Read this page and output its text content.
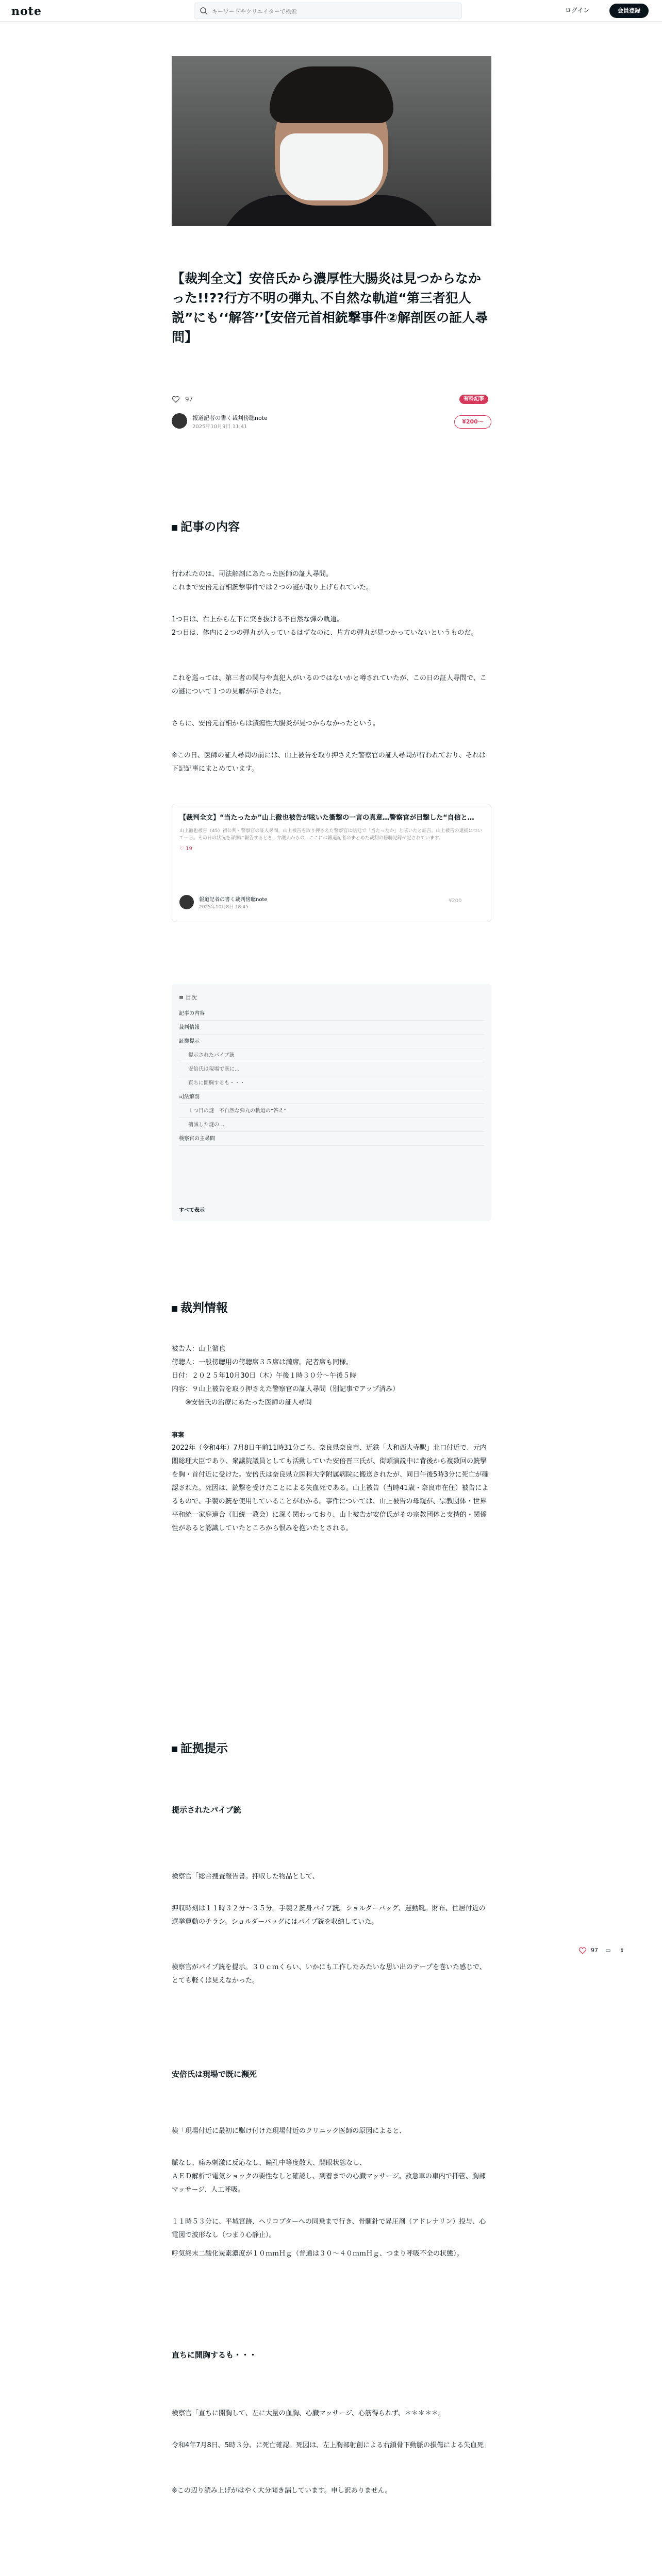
note
キーワードやクリエイターで検索	ログイン	会員登録
【裁判全文】安倍氏から濃厚性大腸炎は見つからなかった!!??行方不明の弾丸､不自然な軌道“第三者犯人説”にも‘‘解答’’【安倍元首相銃撃事件②解剖医の証人尋問】
97	有料記事
報道記者の書く裁判傍聴note
2025年10月9日 11:41
¥200〜
記事の内容
行われたのは、司法解剖にあたった医師の証人尋問。
これまで安倍元首相銃撃事件では２つの謎が取り上げられていた。
1つ目は、右上から左下に突き抜ける不自然な弾の軌道。
2つ目は、体内に２つの弾丸が入っているはずなのに、片方の弾丸が見つかっていないというものだ。
これを巡っては、第三者の関与や真犯人がいるのではないかと噂されていたが、この日の証人尋問で、この謎について１つの見解が示された。
さらに、安倍元首相からは潰瘍性大腸炎が見つからなかったという。
※この日、医師の証人尋問の前には、山上被告を取り押さえた警察官の証人尋問が行われており、それは下記記事にまとめています。
【裁判全文】“当たったか”山上徹也被告が呟いた衝撃の一言の真意…警察官が目撃した“自信と…
山上徹也被告（45）初公判・警察官の証人尋問。山上被告を取り押さえた警察官は法廷で「当たったか」と呟いたと証言。山上被告の逮捕について一言。その日の状況を詳細に報告するとき、弁護人からの…ここには報道記者のまとめた裁判の傍聴記録が記されています。
♡ 19
報道記者の書く裁判傍聴note
2025年10月8日 18:45
¥200
≡ 目次
記事の内容
裁判情報
証拠提示
提示されたパイプ銃
安倍氏は現場で既に...
直ちに開胸するも・・・
司法解剖
１つ目の謎　不自然な弾丸の軌道の“答え”
消滅した謎の…
検察官の主尋問
すべて表示
裁判情報
被告人：山上徹也
傍聴人：一般傍聴用の傍聴席３５席は満席。記者席も同様。
日付：２０２５年10月30日（木）午後１時３０分〜午後５時
内容：９山上被告を取り押さえた警察官の証人尋問（別記事でアップ済み）
　　⑩安倍氏の治療にあたった医師の証人尋問
事案
2022年（令和4年）7月8日午前11時31分ごろ、奈良県奈良市、近鉄「大和西大寺駅」北口付近で、元内閣総理大臣であり、衆議院議員としても活動していた安倍晋三氏が、街頭演説中に背後から複数回の銃撃を胸・首付近に受けた。安倍氏は奈良県立医科大学附属病院に搬送されたが、同日午後5時3分に死亡が確認された。死因は、銃撃を受けたことによる失血死である。山上被告（当時41歳・奈良市在住）被告によるもので、手製の銃を使用していることがわかる。事件については、山上被告の母親が、宗教団体・世界平和統一家庭連合（旧統一教会）に深く関わっており、山上被告が安倍氏がその宗教団体と支持的・関係性があると認識していたところから恨みを抱いたとされる。
証拠提示
提示されたパイプ銃
検察官「総合捜査報告書。押収した物品として、
押収時刻は１１時３２分〜３５分。手製２銃身パイプ銃。ショルダーバッグ、運動靴。財布、住居付近の選挙運動のチラシ。ショルダーバッグにはパイプ銃を収納していた。
検察官がパイプ銃を提示。３０ｃｍくらい、いかにも工作したみたいな思い出のテープを巻いた感じで、とても軽くは見えなかった。
安倍氏は現場で既に瀕死
検「現場付近に最初に駆け付けた現場付近のクリニック医師の原因によると、
脈なし、痛み刺激に反応なし、瞳孔中等度散大、開眼状態なし、
ＡＥＤ解析で電気ショックの要性なしと確認し、到着までの心臓マッサージ。救急車の車内で挿管、胸部マッサージ、人工呼吸。
１１時５３分に、平城宮跡、ヘリコプターへの同乗まで行き、骨髄針で昇圧剤（アドレナリン）投与、心電図で波形なし（つまり心静止）。
呼気終末二酸化炭素濃度が１０ｍｍＨｇ（普通は３０〜４０ｍｍＨｇ、つまり呼吸不全の状態）。
直ちに開胸するも・・・
検察官「直ちに開胸して、左に大量の血胸、心臓マッサージ、心筋得られず、＊＊＊＊＊。
令和4年7月8日、5時３分、に死亡確認。死因は、左上胸部射創による右鎖骨下動脈の損傷による失血死」
※この辺り読み上げがはやく大分聞き漏しています。申し訳ありません。
97 ▭ ⇪
